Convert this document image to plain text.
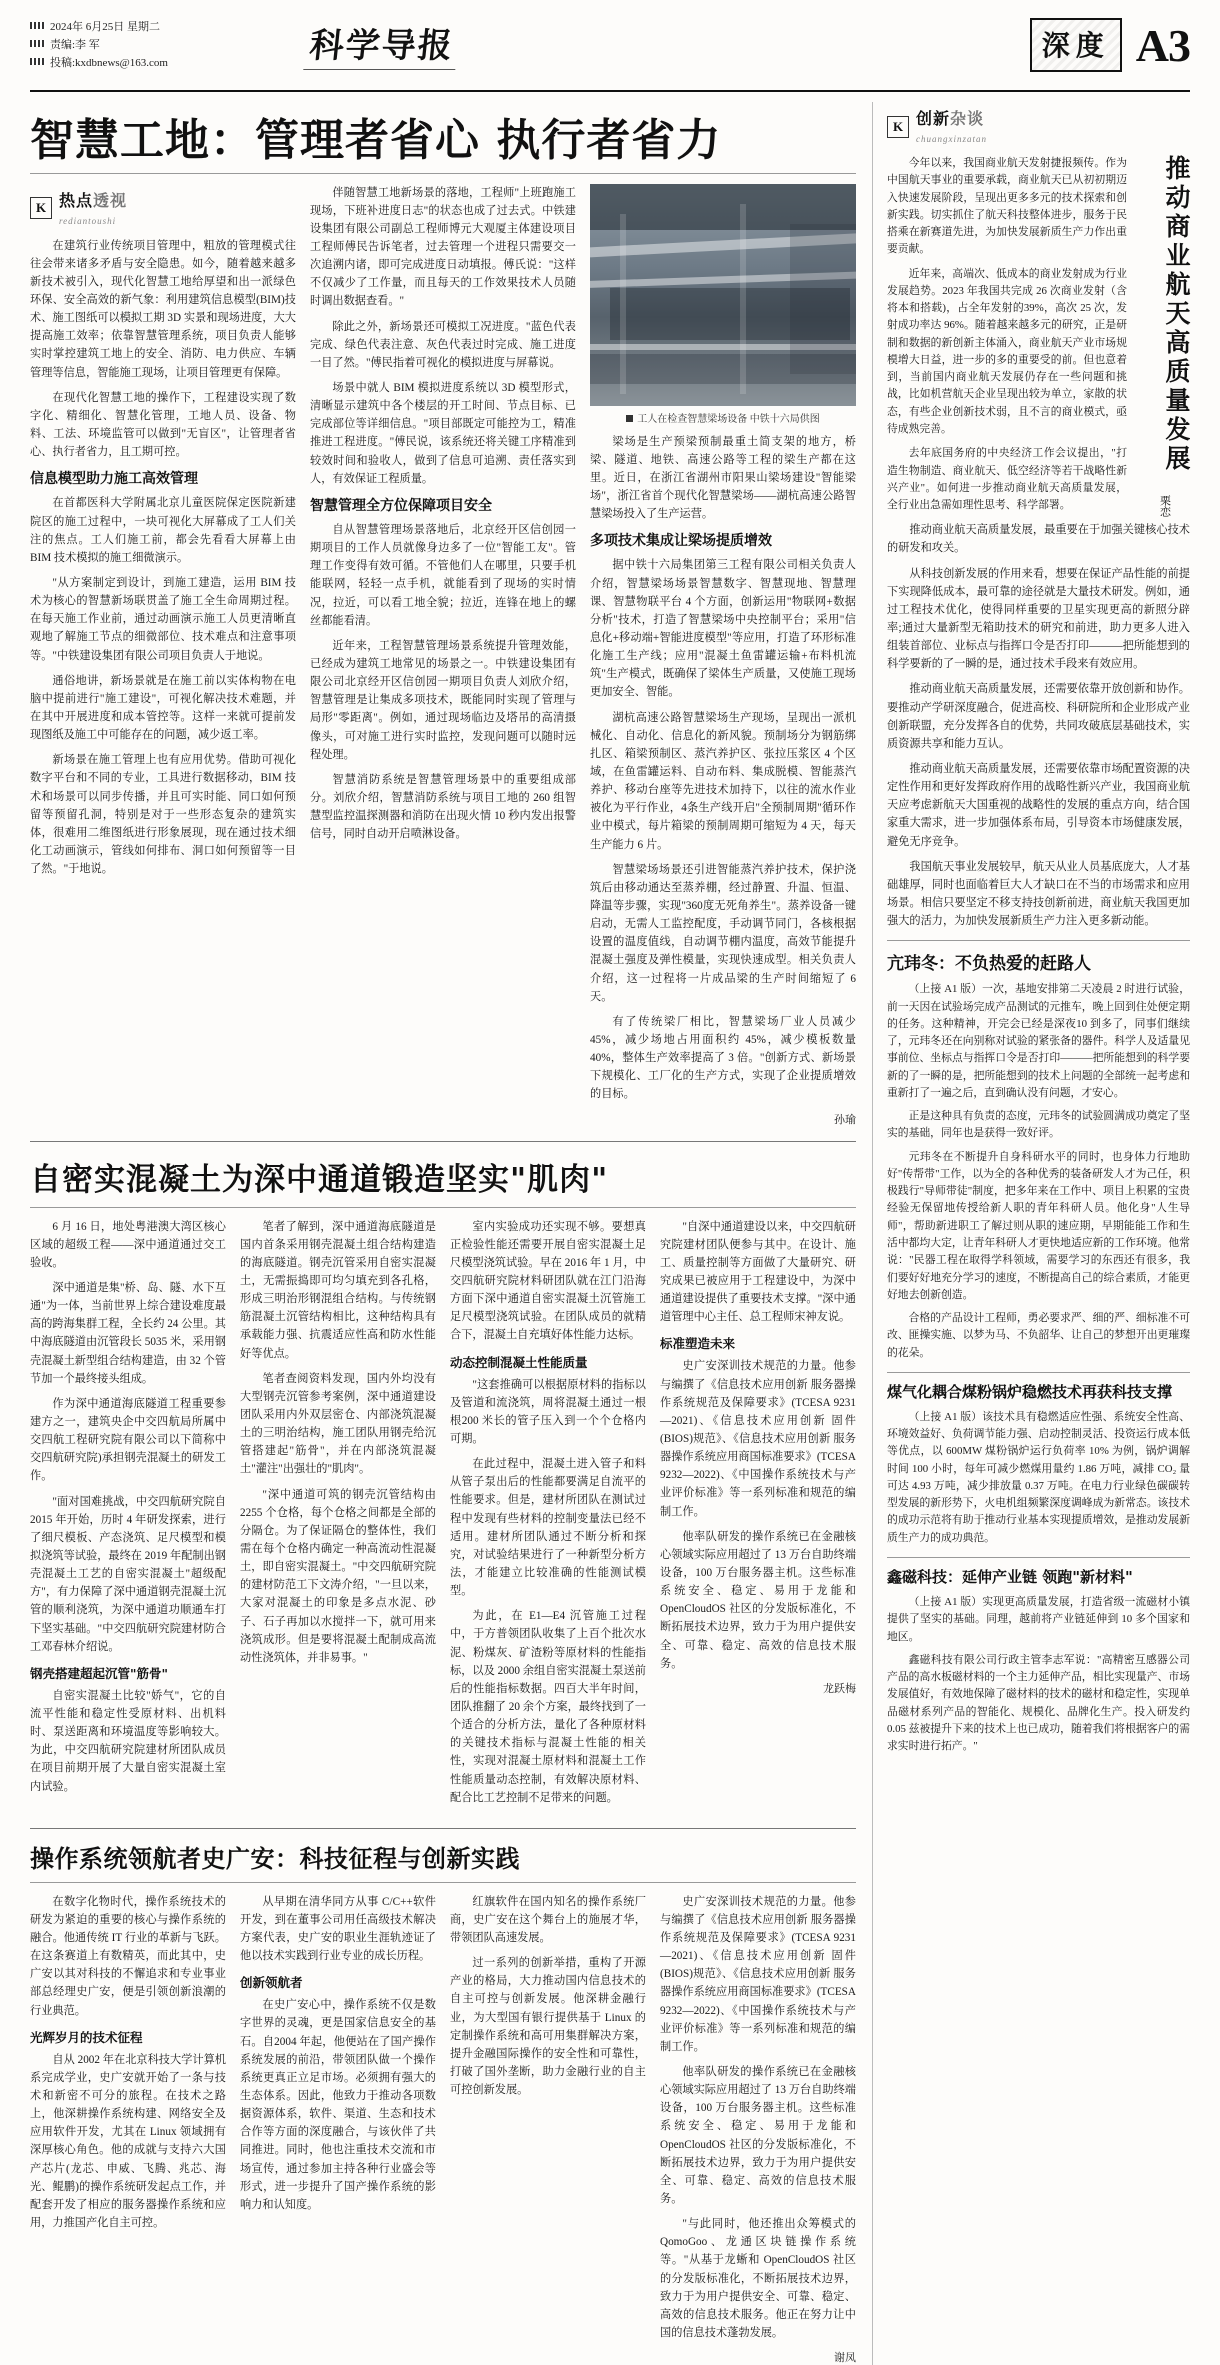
2024年 6月25日 星期二
责编:李 军
投稿:kxdbnews@163.com	科学导报	深度 A3
智慧工地：管理者省心 执行者省力
K 热点透视
rediantoushi

在建筑行业传统项目管理中，粗放的管理模式往往会带来诸多矛盾与安全隐患。如今，随着越来越多新技术被引入，现代化智慧工地给厚望和出一派绿色环保、安全高效的新气象：利用建筑信息模型(BIM)技术、施工图纸可以模拟工期 3D 实景和现场进度，大大提高施工效率；依靠智慧管理系统，项目负责人能够实时掌控建筑工地上的安全、消防、电力供应、车辆管理等信息，智能施工现场，让项目管理更有保障。

在现代化智慧工地的操作下，工程建设实现了数字化、精细化、智慧化管理，工地人员、设备、物料、工法、环境监管可以做到"无盲区"，让管理者省心、执行者省力，且工期可控。

信息模型助力施工高效管理

在首都医科大学附属北京儿童医院保定医院新建院区的施工过程中，一块可视化大屏幕成了工人们关注的焦点。工人们施工前，都会先看看大屏幕上由 BIM 技术模拟的施工细微演示。

"从方案制定到设计，到施工建造，运用 BIM 技术为核心的智慧新场联贯盖了施工全生命周期过程。在每天施工作业前，通过动画演示施工人员更清晰直观地了解施工节点的细微部位、技术难点和注意事项等。"中铁建设集团有限公司项目负责人于地说。

通俗地讲，新场景就是在施工前以实体构物在电脑中提前进行"施工建设"，可视化解决技术难题，并在其中开展进度和成本管控等。这样一来就可提前发现图纸及施工中可能存在的问题，减少返工率。

新场景在施工管理上也有应用优势。借助可视化数字平台和不同的专业，工具进行数据移动，BIM 技术和场景可以同步传播，并且可实时能、同口如何预留等预留孔洞，特别是对于一些形态复杂的建筑实体，很难用二维图纸进行形象展现，现在通过技术细化工动画演示，管线如何排布、洞口如何预留等一目了然。"于地说。

伴随智慧工地新场景的落地，工程师"上班跑施工现场，下班补进度日志"的状态也成了过去式。中铁建设集团有限公司副总工程师博元大观厦主体建设项目工程师傅民告诉笔者，过去管理一个进程只需要交一次追溯内诸，即可完成进度日动填报。傅氏说："这样不仅减少了工作量，而且每天的工作效果技术人员随时调出数据查看。"

除此之外，新场景还可模拟工况进度。"蓝色代表完成、绿色代表注意、灰色代表过时完成、施工进度一目了然。"傅民指着可视化的模拟进度与屏幕说。

场景中就人 BIM 模拟进度系统以 3D 模型形式，清晰显示建筑中各个楼层的开工时间、节点目标、已完成部位等详细信息。"项目部既定可能控为工，精准推进工程进度。"傅民说，该系统还将关键工序精准到较效时间和验收人，做到了信息可追溯、责任落实到人，有效保证工程质量。

智慧管理全方位保障项目安全

自从智慧管理场景落地后，北京经开区信创园一期项目的工作人员就像身边多了一位"智能工友"。管理工作变得有效可循。不管他们人在哪里，只要手机能联网，轻轻一点手机，就能看到了现场的实时情况，拉近，可以看工地全貌；拉近，连锋在地上的螺丝都能看清。

近年来，工程智慧管理场景系统提升管理效能，已经成为建筑工地常见的场景之一。中铁建设集团有限公司北京经开区信创园一期项目负责人刘欣介绍，智慧管理是让集成多项技术，既能同时实现了管理与局形"零距离"。例如，通过现场临边及塔吊的高清摄像头，可对施工进行实时监控，发现问题可以随时远程处理。

智慧消防系统是智慧管理场景中的重要组成部分。刘欣介绍，智慧消防系统与项目工地的 260 组智慧型监控温探测器和消防在出现火情 10 秒内发出报警信号，同时自动开启喷淋设备。

工人在检查智慧梁场设备 中铁十六局供图

梁场是生产预梁预制最重土简支架的地方，桥梁、隧道、地铁、高速公路等工程的梁生产都在这里。近日，在浙江省湖州市阳果山梁场建设"智能梁场"，浙江省首个现代化智慧梁场——湖杭高速公路智慧梁场投入了生产运营。

多项技术集成让梁场提质增效

据中铁十六局集团第三工程有限公司相关负责人介绍，智慧梁场场景智慧数字、智慧现地、智慧理课、智慧物联平台 4 个方面，创新运用"物联网+数据分析"技术，打造了智慧梁场中央控制平台；采用"信息化+移动端+智能进度模型"等应用，打造了环形标准化施工生产线；应用"混凝土鱼雷罐运输+布料机流筑"生产模式，既确保了梁体生产质量，又使施工现场更加安全、智能。

湖杭高速公路智慧梁场生产现场，呈现出一派机械化、自动化、信息化的新风貌。预制场分为钢筋绑扎区、箱梁预制区、蒸汽养护区、张拉压浆区 4 个区域，在鱼雷罐运料、自动布料、集成脱模、智能蒸汽养护、移动台座等先进技术加持下，以往的流水作业被化为平行作业，4条生产线开启"全预制周期"循环作业中模式，每片箱梁的预制周期可缩短为 4 天，每天生产能力 6 片。

智慧梁场场景还引进智能蒸汽养护技术，保护浇筑后由移动通达至蒸养棚，经过静置、升温、恒温、降温等步骤，实现"360度无死角养生"。蒸养设备一键启动，无需人工监控配度，手动调节同门，各核根据设置的温度值线，自动调节棚内温度，高效节能提升混凝土强度及弹性模量，实现快速成型。相关负责人介绍，这一过程将一片成品梁的生产时间缩短了 6 天。

有了传统梁厂相比，智慧梁场厂业人员减少 45%，减少场地占用面积约 45%，减少模板数量 40%，整体生产效率提高了 3 倍。"创新方式、新场景下规模化、工厂化的生产方式，实现了企业提质增效的目标。

孙瑜
自密实混凝土为深中通道锻造坚实"肌肉"

6 月 16 日，地处粤港澳大湾区核心区域的超级工程——深中通道通过交工验收。

深中通道是集"桥、岛、隧、水下互通"为一体，当前世界上综合建设难度最高的跨海集群工程，全长约 24 公里。其中海底隧道由沉管段长 5035 米，采用钢壳混凝土新型组合结构建造，由 32 个管节加一个最终接头组成。

作为深中通道海底隧道工程重要参建方之一，建筑央企中交四航局所属中交四航工程研究院有限公司以下简称中交四航研究院)承担钢壳混凝土的研发工作。

"面对国难挑战，中交四航研究院自2015 年开始，历时 4 年研发探索，进行了细尺模板、产态浇筑、足尺模型和模拟浇筑等试验，最终在 2019 年配制出钢壳混凝土工艺的自密实混凝土"超级配方"，有力保障了深中通道钢壳混凝土沉管的顺利浇筑，为深中通道功顺通车打下坚实基础。"中交四航研究院建材防合工邓春林介绍说。

钢壳搭建超起沉管"筋骨"

自密实混凝土比较"娇气"，它的自流平性能和稳定性受原材料、出机料时、泵送距离和环境温度等影响较大。为此，中交四航研究院建材所团队成员在项目前期开展了大量自密实混凝土室内试验。

笔者了解到，深中通道海底隧道是国内首条采用钢壳混凝土组合结构建造的海底隧道。钢壳沉管采用自密实混凝土，无需振捣即可均匀填充到各孔格，形成三明治形钢混组合结构。与传统钢筋混凝土沉管结构相比，这种结构具有承载能力强、抗震适应性高和防水性能好等优点。

笔者查阅资料发现，国内外均没有大型钢壳沉管参考案例，深中通道建设团队采用内外双层密仓、内部浇筑混凝土的三明治结构，施工团队用钢壳给沉管搭建起"筋骨"，并在内部浇筑混凝土"灌注"出强壮的"肌肉"。

"深中通道可筑的钢壳沉管结构由2255 个仓格，每个仓格之间都是全部的分隔仓。为了保证隔仓的整体性，我们需在每个仓格内确定一种高流动性混凝土，即自密实混凝土。"中交四航研究院的建材防范工下文涛介绍，"一旦以来，大家对混凝土的印象是多点水泥、砂子、石子再加以水搅拌一下，就可用来浇筑成形。但是要将混凝土配制成高流动性浇筑体，并非易事。"

室内实验成功还实现不够。要想真正检验性能还需要开展自密实混凝土足尺模型浇筑试验。早在 2016 年 1 月，中交四航研究院材料研团队就在江门沿海方面下深中通道自密实混凝土沉管施工足尺模型浇筑试验。在团队成员的就精合下，混凝土自充填好体性能力达标。

动态控制混凝土性能质量

"这套推确可以根据原材料的指标以及管道和流浇筑，周将混凝土通过一根根200 米长的管子压入到一个个仓格内可期。

在此过程中，混凝土进入管子和料从管子泵出后的性能都要满足自流平的性能要求。但是，建材所团队在测试过程中发现有些材料的控制变量法已经不适用。建材所团队通过不断分析和探究，对试验结果进行了一种新型分析方法，才能建立比较准确的性能测试模型。

为此，在 E1—E4 沉管施工过程中，于方普领团队收集了上百个批次水泥、粉煤灰、矿渣粉等原材料的性能指标，以及 2000 余组自密实混凝土泵送前后的性能指标数据。四百大半年时间，团队推翻了 20 余个方案，最终找到了一个适合的分析方法，量化了各种原材料的关键技术指标与混凝土性能的相关性，实现对混凝土原材料和混凝土工作性能质量动态控制，有效解决原材料、配合比工艺控制不足带来的问题。

"自深中通道建设以来，中交四航研究院建材团队便参与其中。在设计、施工、质量控制等方面做了大量研究、研究成果已被应用于工程建设中，为深中通道建设提供了重要技术支撑。"深中通道管理中心主任、总工程师宋神友说。

标准塑造未来

史广安深训技术规范的力量。他参与编撰了《信息技术应用创新 服务器操作系统规范及保障要求》(TCESA 9231—2021)、《信息技术应用创新 固件(BIOS)规范》、《信息技术应用创新 服务器操作系统应用商国标准要求》(TCESA 9232—2022)、《中国操作系统技术与产业评价标准》等一系列标准和规范的编制工作。

他率队研发的操作系统已在金融核心领域实际应用超过了 13 万台自助终端设备，100 万台服务器主机。这些标准系统安全、稳定、易用于龙能和 OpenCloudOS 社区的分发版标准化，不断拓展技术边界，致力于为用户提供安全、可靠、稳定、高效的信息技术服务。

龙跃梅
操作系统领航者史广安：科技征程与创新实践

在数字化物时代，操作系统技术的研发为紧迫的重要的核心与操作系统的融合。他通传统 IT 行业的革新与飞跃。在这条赛道上有数精英，而此其中，史广安以其对科技的不懈追求和专业事业 部总经理史广安，便是引领创新浪潮的行业典范。

光辉岁月的技术征程

自从 2002 年在北京科技大学计算机系完成学业，史广安就开始了一条与技术和新密不可分的旅程。在技术之路上，他深耕操作系统构建、网络安全及应用软件开发，尤其在 Linux 领域拥有深厚核心角色。他的成就与支持六大国产芯片(龙芯、申威、飞腾、兆芯、海光、鲲鹏)的操作系统研发起点工作，并配套开发了相应的服务器操作系统和应用，力推国产化自主可控。

从早期在清华同方从事 C/C++软件开发，到在董事公司用任高级技术解决方案代表，史广安的职业生涯轨迹证了他以技术实践到行业专业的成长历程。

创新领航者

在史广安心中，操作系统不仅是数字世界的灵魂，更是国家信息安全的基石。自2004 年起，他便站在了国产操作系统发展的前沿，带领团队做一个操作系统更真正立足市场。必须拥有强大的生态体系。因此，他致力于推动各项数据资源体系，软件、渠道、生态和技术合作等方面的深度融合，与该伙伴了共同推进。同时，他也注重技术交流和市场宣传，通过参加主持各种行业盛会等形式，进一步提升了国产操作系统的影响力和认知度。

红旗软件在国内知名的操作系统厂商，史广安在这个舞台上的施展才华，带领团队高速发展。

过一系列的创新举措，重构了开源产业的格局，大力推动国内信息技术的自主可控与创新发展。他深耕金融行业，为大型国有银行提供基于 Linux 的定制操作系统和高可用集群解决方案，提升金融国际操作的安全性和可靠性，打破了国外垄断，助力金融行业的自主可控创新发展。

史广安深训技术规范的力量。他参与编撰了《信息技术应用创新 服务器操作系统规范及保障要求》(TCESA 9231—2021)、《信息技术应用创新 固件(BIOS)规范》、《信息技术应用创新 服务器操作系统应用商国标准要求》(TCESA 9232—2022)、《中国操作系统技术与产业评价标准》等一系列标准和规范的编制工作。

他率队研发的操作系统已在金融核心领域实际应用超过了 13 万台自助终端设备，100 万台服务器主机。这些标准系统安全、稳定、易用于龙能和 OpenCloudOS 社区的分发版标准化，不断拓展技术边界，致力于为用户提供安全、可靠、稳定、高效的信息技术服务。

"与此同时，他还推出众筹模式的QomoGoo、龙通区块链操作系统等。"从基于龙蜥和 OpenCloudOS 社区的分发版标准化，不断拓展技术边界，致力于为用户提供安全、可靠、稳定、高效的信息技术服务。他正在努力让中国的信息技术蓬勃发展。

谢凤
K 创新杂谈
chuangxinzatan

今年以来，我国商业航天发射捷报频传。作为中国航天事业的重要承载，商业航天已从初初期迈入快速发展阶段，呈现出更多多元的技术探索和创新实践。切实抓住了航天科技整体进步，服务于民搭乘在新赛道先进，为加快发展新质生产力作出重要贡献。

近年来，高端次、低成本的商业发射成为行业发展趋势。2023 年我国共完成 26 次商业发射（含将本和搭载)，占全年发射的39%，高次 25 次，发射成功率达 96%。随着越来越多元的研究，正是研制和数据的新创新主体涌入，商业航天产业市场规模增大日益，进一步的多的重要受的前。但也意着到，当前国内商业航天发展仍存在一些问题和挑战，比如机营航天企业呈现出较为单立，家散的状态，有些企业创新技术弱，且不言的商业模式，亟待成熟完善。

去年底国务府的中央经济工作会议提出，"打造生物制造、商业航天、低空经济等若干战略性新兴产业"。如何进一步推动商业航天高质量发展，全行业出急需如理性思考、科学部署。

推动商业航天高质量发展
栗恋

推动商业航天高质量发展，最重要在于加强关键核心技术的研发和攻关。

从科技创新发展的作用来看，想要在保证产品性能的前提下实现降低成本，最可靠的途径就是大量技术研发。例如，通过工程技术优化，使得同样重要的卫星实现更高的新照分辟率;通过大量新型无箱助技术的研究和前进，助力更多人进入组装首部位、业标点与指挥口令是否打印———把所能想到的科学要新的了一瞬的是，通过技术手段来有效应用。

推动商业航天高质量发展，还需要依靠开放创新和协作。要推动产学研深度融合，促进高校、科研院所和企业形成产业创新联盟，充分发挥各自的优势，共同攻破底层基础技术，实质资源共享和能力互认。

推动商业航天高质量发展，还需要依靠市场配置资源的决定性作用和更好发挥政府作用的战略性新兴产业，我国商业航天应考虑新航天大国重视的战略性的发展的重点方向，结合国家重大需求，进一步加强体系布局，引导资本市场健康发展，避免无序竞争。

我国航天事业发展较早，航天从业人员基底庞大，人才基础雄厚，同时也面临着巨大人才缺口在不当的市场需求和应用场景。相信只要坚定不移支持技创新前进，商业航天我国更加强大的活力，为加快发展新质生产力注入更多新动能。

亢玮冬：不负热爱的赶路人

（上接 A1 版）一次，基地安排第二天凌晨 2 时进行试验，前一天因在试验场完成产品测试的元推车，晚上回到住处便定期的任务。这种精神，开完会已经是深夜10 到多了，同事们继续了，元玮冬还在向别称对试验的紧张备的器件。科学人及适量见事前位、坐标点与指挥口令是否打印———把所能想到的科学要新的了一瞬的是，把所能想到的技术上问题的全部统一起考虑和重新打了一遍之后，直到确认没有问题，才安心。

正是这种具有负责的态度，元玮冬的试验圆满成功奠定了坚实的基础，同年也是获得一致好评。

元玮冬在不断提升自身科研水平的同时，也身体力行地助好"传帮带"工作，以为全的各种优秀的装备研发人才为己任，积极践行"导师带徒"制度，把多年来在工作中、项目上积累的宝贵经验无保留地传授给新人职的青年科研人员。他化身"人生导师"，帮助新进职工了解过则从职的速应期，早期能能工作和生活中都均大定，让青年科研人才更快地适应新的工作环境。他常说："民器工程在取得学科领域，需要学习的东西还有很多，我们要好好地充分学习的速度，不断提高自己的综合素质，才能更好地去创新创造。

合格的产品设计工程师，勇必要求严、细的严、细标准不可改、匪操实施、以梦为马、不负韶华、让自己的梦想开出更璀璨的花朵。

煤气化耦合煤粉锅炉稳燃技术再获科技支撑

（上接 A1 版）该技术具有稳燃适应性强、系统安全性高、环境效益好、负荷调节能力强、启动控制灵活、投资运行成本低等优点，以 600MW 煤粉锅炉运行负荷率 10% 为例，锅炉调解时间 100 小时，每年可减少燃煤用量约 1.86 万吨，减排 CO₂ 量可达 4.93 万吨，减少排放量 0.37 万吨。在电力行业绿色碳碳转型发展的新形势下，火电机组频繁深度调峰成为新常态。该技术的成功示范将有助于推动行业基本实现提质增效，是推动发展新质生产力的成功典范。

鑫磁科技：延伸产业链 领跑"新材料"

（上接 A1 版）实现更高质量发展，打造省级一流磁材小镇提供了坚实的基础。同理，越前将产业链延伸到 10 多个国家和地区。

鑫磁科技有限公司行政主管李志军说："高精密互感器公司产品的高水板磁材料的一个主力延伸产品，相比实现量产、市场发展值好，有效地保障了磁材料的技术的磁材和稳定性，实现单品磁材系列产品的智能化、规模化、品牌化生产。投入研发约 0.05 兹被提升下来的技术上也已成功，随着我们将根据客户的需求实时进行拓产。"
